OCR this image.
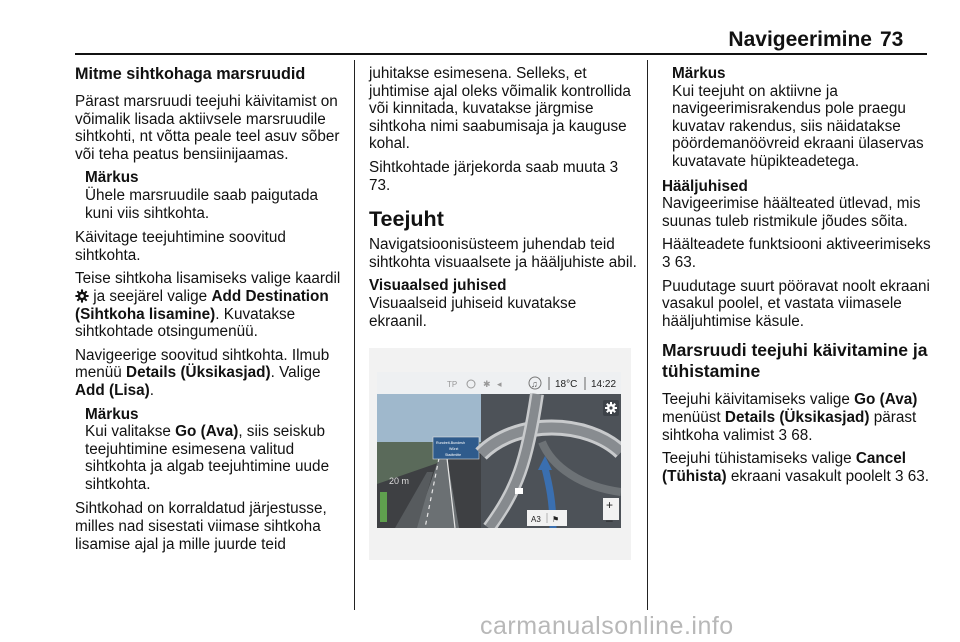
Navigeerimine 73

Mitme sihtkohaga marsruudid

Pärast marsruudi teejuhi käivitamist on võimalik lisada aktiivsele marsruudile sihtkohti, nt võtta peale teel asuv sõber või teha peatus bensiinijaamas.

Märkus
Ühele marsruudile saab paigutada kuni viis sihtkohta.

Käivitage teejuhtimine soovitud sihtkohta.

Teise sihtkoha lisamiseks valige kaardil  ja seejärel valige Add Destination (Sihtkoha lisamine). Kuvatakse sihtkohtade otsingumenüü.

Navigeerige soovitud sihtkohta. Ilmub menüü Details (Üksikasjad). Valige Add (Lisa).

Märkus
Kui valitakse Go (Ava), siis seiskub teejuhtimine esimesena valitud sihtkohta ja algab teejuhtimine uude sihtkohta.

Sihtkohad on korraldatud järjestusse, milles nad sisestati viimase sihtkoha lisamise ajal ja mille juurde teid

juhitakse esimesena. Selleks, et juhtimise ajal oleks võimalik kontrollida või kinnitada, kuvatakse järgmise sihtkoha nimi saabumisaja ja kauguse kohal.

Sihtkohtade järjekorda saab muuta 3 73.

Teejuht

Navigatsioonisüsteem juhendab teid sihtkohta visuaalsete ja hääljuhiste abil.

Visuaalsed juhised

Visuaalseid juhiseid kuvatakse ekraanil.

TP	✱ ◂	♫ 18°C 14:22
Rundreit-Bundesh
Würzt
Stadtmitte
20 m
+
–
A3 ⚑
Märkus
Kui teejuht on aktiivne ja navigeerimisrakendus pole praegu kuvatav rakendus, siis näidatakse pöördemanöövreid ekraani ülaservas kuvatavate hüpikteadetega.

Hääljuhised

Navigeerimise häälteated ütlevad, mis suunas tuleb ristmikule jõudes sõita.

Häälteadete funktsiooni aktiveerimiseks 3 63.

Puudutage suurt pööravat noolt ekraani vasakul poolel, et vastata viimasele hääljuhtimise käsule.

Marsruudi teejuhi käivitamine ja tühistamine

Teejuhi käivitamiseks valige Go (Ava) menüüst Details (Üksikasjad) pärast sihtkoha valimist 3 68.

Teejuhi tühistamiseks valige Cancel (Tühista) ekraani vasakult poolelt 3 63.

carmanualsonline.info
